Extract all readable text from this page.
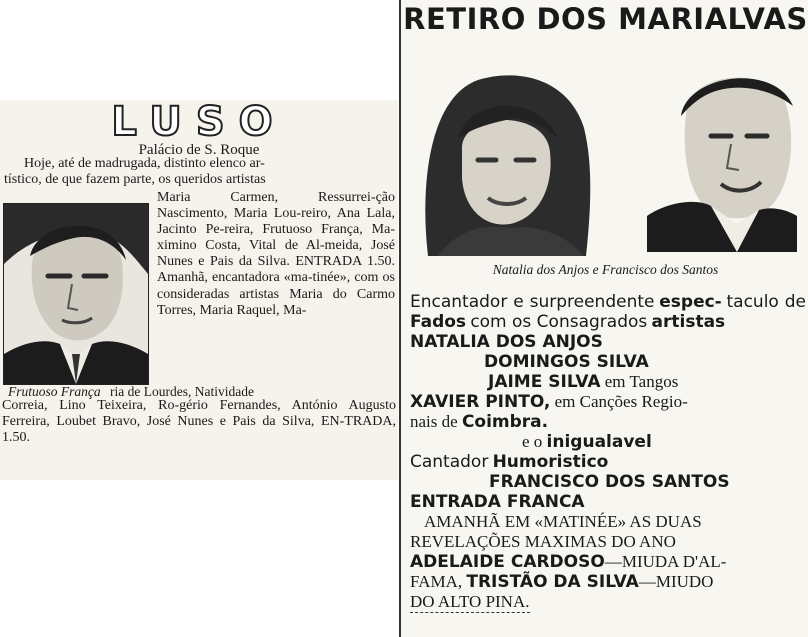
LUSO
Palácio de S. Roque
Hoje, até de madrugada, distinto elenco ar-
tístico, de que fazem parte, os queridos artistas
Maria Carmen, Ressurrei-ção Nascimento, Maria Lou-reiro, Ana Lala, Jacinto Pe-reira, Frutuoso França, Ma-ximino Costa, Vital de Al-meida, José Nunes e Pais da Silva. ENTRADA 1.50. Amanhã, encantadora «ma-tinée», com os consideradas artistas Maria do Carmo Torres, Maria Raquel, Ma-
Frutuoso França ria de Lourdes, Natividade
Correia, Lino Teixeira, Ro-gério Fernandes, António Augusto Ferreira, Loubet Bravo, José Nunes e Pais da Silva, EN-TRADA, 1.50.
RETIRO DOS MARIALVAS
Natalia dos Anjos e Francisco dos Santos

Encantador e surpreendente espec- taculo de Fados com os Consagrados artistas

NATALIA DOS ANJOS

DOMINGOS SILVA

JAIME SILVA em Tangos

XAVIER PINTO, em Canções Regio-

nais de Coimbra.

e o inigualavel

Cantador Humoristico

FRANCISCO DOS SANTOS

ENTRADA FRANCA

AMANHÃ EM «MATINÉE» AS DUAS

REVELAÇÕES MAXIMAS DO ANO

ADELAIDE CARDOSO—MIUDA D'AL-

FAMA, TRISTÃO DA SILVA—MIUDO

DO ALTO PINA.
